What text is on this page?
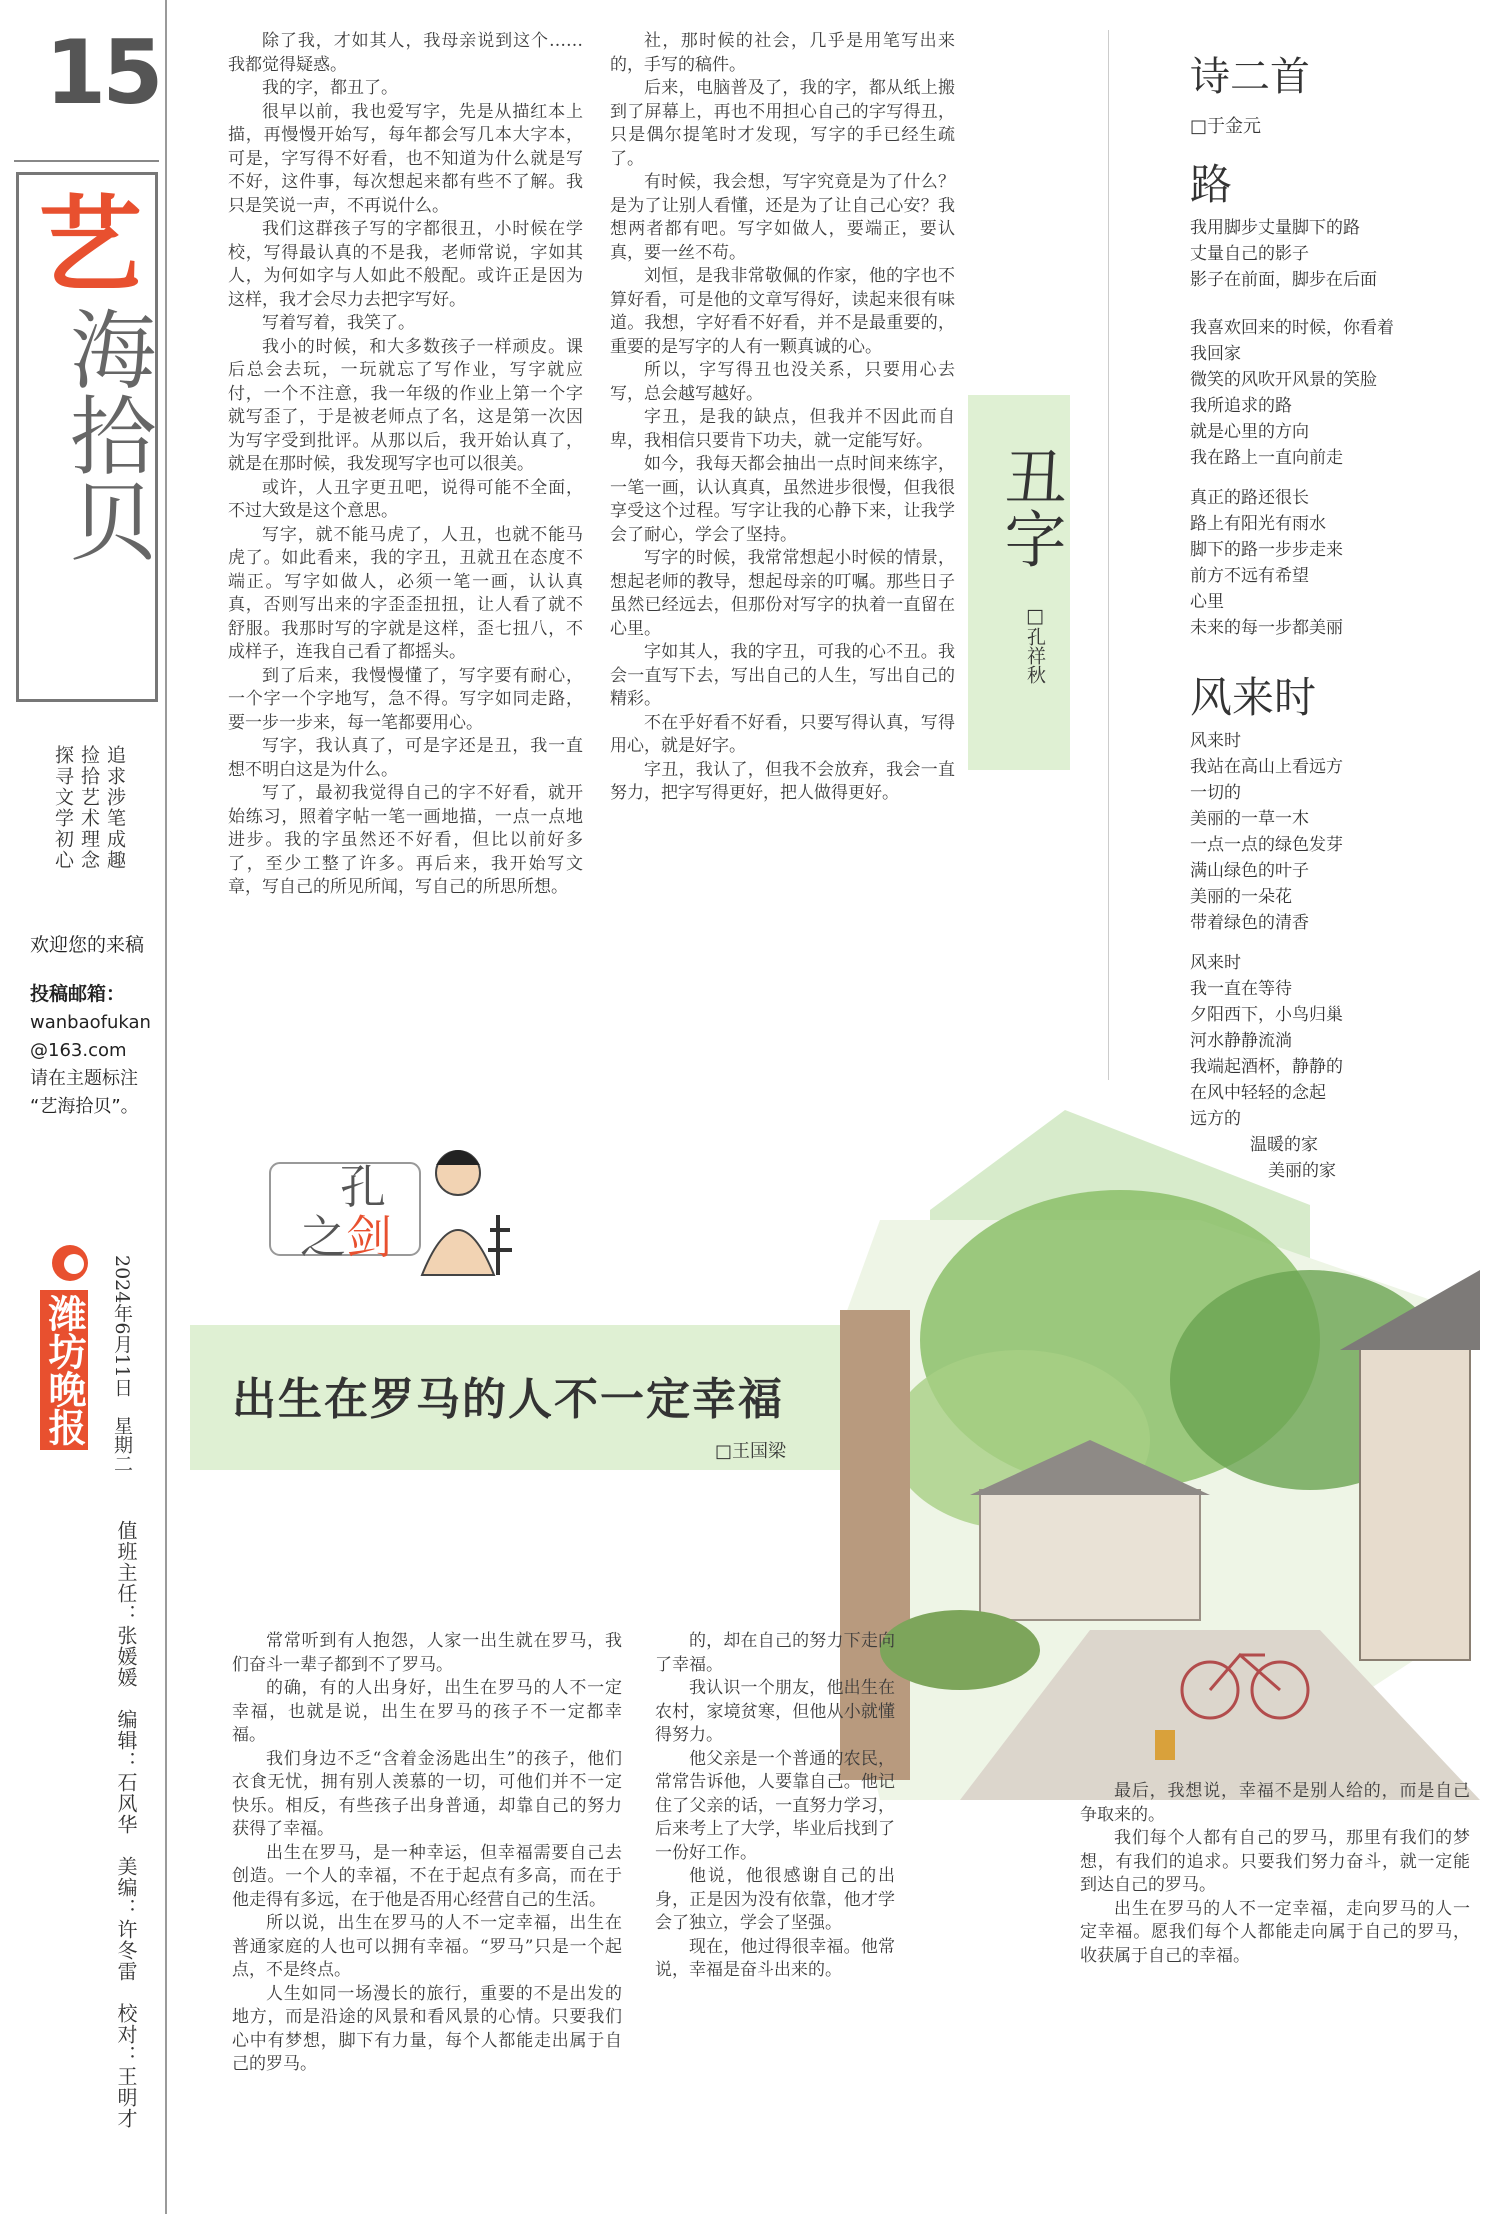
15
艺
海拾贝
追求涉笔成趣
捡拾艺术理念
探寻文学初心
欢迎您的来稿
投稿邮箱：
wanbaofukan
@163.com
请在主题标注
“艺海拾贝”。
潍坊晚报 2024年6月11日　星期二
值班主任：张媛媛　编辑：石风华　美编：许冬雷　校对：王明才

除了我，才如其人，我母亲说到这个……我都觉得疑惑。

我的字，都丑了。

很早以前，我也爱写字，先是从描红本上描，再慢慢开始写，每年都会写几本大字本，可是，字写得不好看，也不知道为什么就是写不好，这件事，每次想起来都有些不了解。我只是笑说一声，不再说什么。

我们这群孩子写的字都很丑，小时候在学校，写得最认真的不是我，老师常说，字如其人，为何如字与人如此不般配。或许正是因为这样，我才会尽力去把字写好。

写着写着，我笑了。

我小的时候，和大多数孩子一样顽皮。课后总会去玩，一玩就忘了写作业，写字就应付，一个不注意，我一年级的作业上第一个字就写歪了，于是被老师点了名，这是第一次因为写字受到批评。从那以后，我开始认真了，就是在那时候，我发现写字也可以很美。

或许，人丑字更丑吧，说得可能不全面，不过大致是这个意思。

写字，就不能马虎了，人丑，也就不能马虎了。如此看来，我的字丑，丑就丑在态度不端正。写字如做人，必须一笔一画，认认真真，否则写出来的字歪歪扭扭，让人看了就不舒服。我那时写的字就是这样，歪七扭八，不成样子，连我自己看了都摇头。

到了后来，我慢慢懂了，写字要有耐心，一个字一个字地写，急不得。写字如同走路，要一步一步来，每一笔都要用心。

写字，我认真了，可是字还是丑，我一直想不明白这是为什么。

写了，最初我觉得自己的字不好看，就开始练习，照着字帖一笔一画地描，一点一点地进步。我的字虽然还不好看，但比以前好多了，至少工整了许多。再后来，我开始写文章，写自己的所见所闻，写自己的所思所想。

社，那时候的社会，几乎是用笔写出来的，手写的稿件。

后来，电脑普及了，我的字，都从纸上搬到了屏幕上，再也不用担心自己的字写得丑，只是偶尔提笔时才发现，写字的手已经生疏了。

有时候，我会想，写字究竟是为了什么？是为了让别人看懂，还是为了让自己心安？我想两者都有吧。写字如做人，要端正，要认真，要一丝不苟。

刘恒，是我非常敬佩的作家，他的字也不算好看，可是他的文章写得好，读起来很有味道。我想，字好看不好看，并不是最重要的，重要的是写字的人有一颗真诚的心。

所以，字写得丑也没关系，只要用心去写，总会越写越好。

字丑，是我的缺点，但我并不因此而自卑，我相信只要肯下功夫，就一定能写好。

如今，我每天都会抽出一点时间来练字，一笔一画，认认真真，虽然进步很慢，但我很享受这个过程。写字让我的心静下来，让我学会了耐心，学会了坚持。

写字的时候，我常常想起小时候的情景，想起老师的教导，想起母亲的叮嘱。那些日子虽然已经远去，但那份对写字的执着一直留在心里。

字如其人，我的字丑，可我的心不丑。我会一直写下去，写出自己的人生，写出自己的精彩。

不在乎好看不好看，只要写得认真，写得用心，就是好字。

字丑，我认了，但我不会放弃，我会一直努力，把字写得更好，把人做得更好。

丑字
□孔祥秋
诗二首
□于金元
路
我用脚步丈量脚下的路
丈量自己的影子
影子在前面，脚步在后面
我喜欢回来的时候，你看着
我回家
微笑的风吹开风景的笑脸
我所追求的路
就是心里的方向
我在路上一直向前走
真正的路还很长
路上有阳光有雨水
脚下的路一步步走来
前方不远有希望
心里
未来的每一步都美丽
风来时
风来时
我站在高山上看远方
一切的
美丽的一草一木
一点一点的绿色发芽
满山绿色的叶子
美丽的一朵花
带着绿色的清香
风来时
我一直在等待
夕阳西下，小鸟归巢
河水静静流淌
我端起酒杯，静静的
在风中轻轻的念起
远方的
温暖的家
美丽的家
孔
之剑
出生在罗马的人不一定幸福
□王国梁

常常听到有人抱怨，人家一出生就在罗马，我们奋斗一辈子都到不了罗马。

的确，有的人出身好，出生在罗马的人不一定幸福，也就是说，出生在罗马的孩子不一定都幸福。

我们身边不乏“含着金汤匙出生”的孩子，他们衣食无忧，拥有别人羡慕的一切，可他们并不一定快乐。相反，有些孩子出身普通，却靠自己的努力获得了幸福。

出生在罗马，是一种幸运，但幸福需要自己去创造。一个人的幸福，不在于起点有多高，而在于他走得有多远，在于他是否用心经营自己的生活。

所以说，出生在罗马的人不一定幸福，出生在普通家庭的人也可以拥有幸福。“罗马”只是一个起点，不是终点。

人生如同一场漫长的旅行，重要的不是出发的地方，而是沿途的风景和看风景的心情。只要我们心中有梦想，脚下有力量，每个人都能走出属于自己的罗马。

的，却在自己的努力下走向了幸福。

我认识一个朋友，他出生在农村，家境贫寒，但他从小就懂得努力。

他父亲是一个普通的农民，常常告诉他，人要靠自己。他记住了父亲的话，一直努力学习，后来考上了大学，毕业后找到了一份好工作。

他说，他很感谢自己的出身，正是因为没有依靠，他才学会了独立，学会了坚强。

现在，他过得很幸福。他常说，幸福是奋斗出来的。

最后，我想说，幸福不是别人给的，而是自己争取来的。

我们每个人都有自己的罗马，那里有我们的梦想，有我们的追求。只要我们努力奋斗，就一定能到达自己的罗马。

出生在罗马的人不一定幸福，走向罗马的人一定幸福。愿我们每个人都能走向属于自己的罗马，收获属于自己的幸福。
